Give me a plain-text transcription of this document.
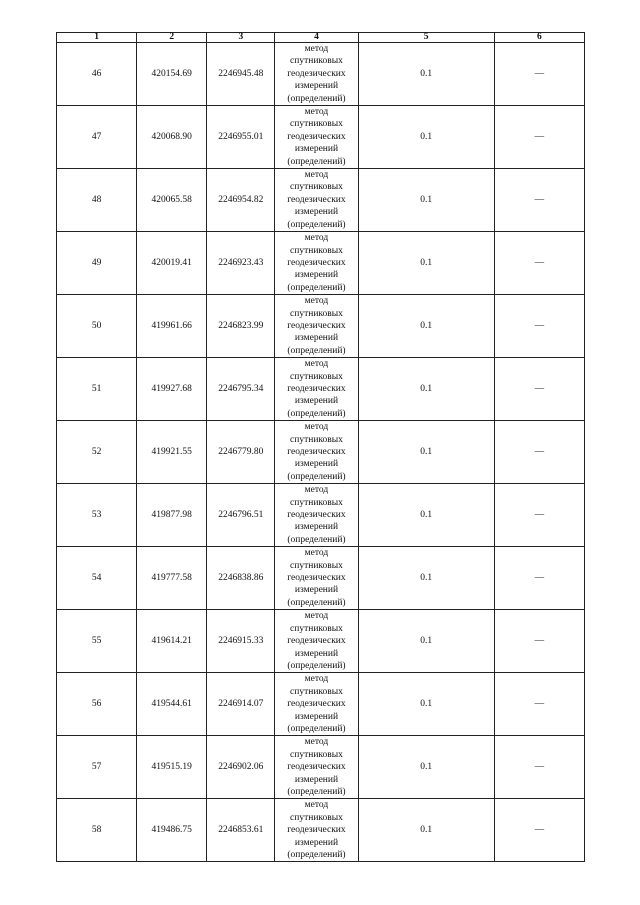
1	2	3	4	5	6
46	420154.69	2246945.48	метод
спутниковых
геодезических
измерений
(определений)	0.1	—
47	420068.90	2246955.01	метод
спутниковых
геодезических
измерений
(определений)	0.1	—
48	420065.58	2246954.82	метод
спутниковых
геодезических
измерений
(определений)	0.1	—
49	420019.41	2246923.43	метод
спутниковых
геодезических
измерений
(определений)	0.1	—
50	419961.66	2246823.99	метод
спутниковых
геодезических
измерений
(определений)	0.1	—
51	419927.68	2246795.34	метод
спутниковых
геодезических
измерений
(определений)	0.1	—
52	419921.55	2246779.80	метод
спутниковых
геодезических
измерений
(определений)	0.1	—
53	419877.98	2246796.51	метод
спутниковых
геодезических
измерений
(определений)	0.1	—
54	419777.58	2246838.86	метод
спутниковых
геодезических
измерений
(определений)	0.1	—
55	419614.21	2246915.33	метод
спутниковых
геодезических
измерений
(определений)	0.1	—
56	419544.61	2246914.07	метод
спутниковых
геодезических
измерений
(определений)	0.1	—
57	419515.19	2246902.06	метод
спутниковых
геодезических
измерений
(определений)	0.1	—
58	419486.75	2246853.61	метод
спутниковых
геодезических
измерений
(определений)	0.1	—
